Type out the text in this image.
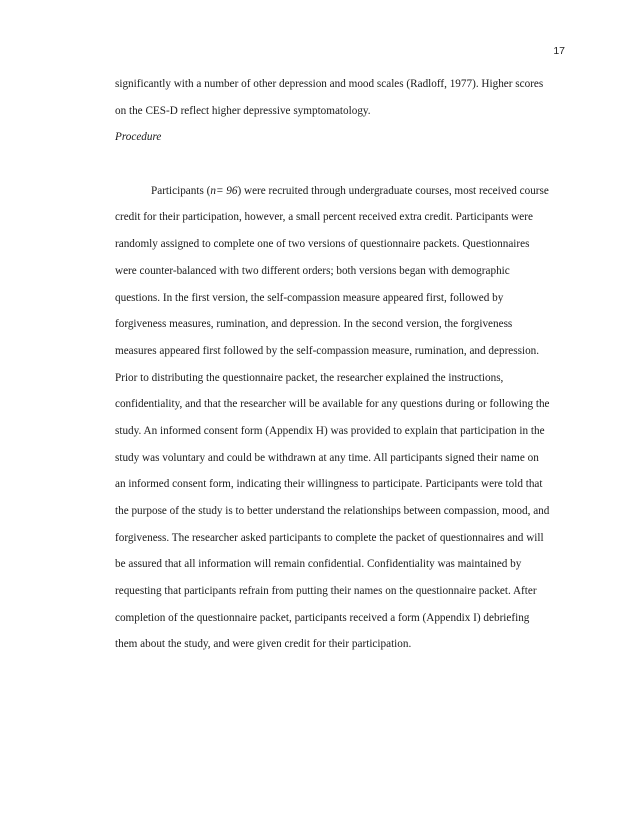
17
significantly with a number of other depression and mood scales (Radloff, 1977). Higher scores
on the CES-D reflect higher depressive symptomatology.
Procedure
Participants (n= 96) were recruited through undergraduate courses, most received course
credit for their participation, however, a small percent received extra credit. Participants were
randomly assigned to complete one of two versions of questionnaire packets. Questionnaires
were counter-balanced with two different orders; both versions began with demographic
questions. In the first version, the self-compassion measure appeared first, followed by
forgiveness measures, rumination, and depression. In the second version, the forgiveness
measures appeared first followed by the self-compassion measure, rumination, and depression.
Prior to distributing the questionnaire packet, the researcher explained the instructions,
confidentiality, and that the researcher will be available for any questions during or following the
study. An informed consent form (Appendix H) was provided to explain that participation in the
study was voluntary and could be withdrawn at any time. All participants signed their name on
an informed consent form, indicating their willingness to participate. Participants were told that
the purpose of the study is to better understand the relationships between compassion, mood, and
forgiveness. The researcher asked participants to complete the packet of questionnaires and will
be assured that all information will remain confidential. Confidentiality was maintained by
requesting that participants refrain from putting their names on the questionnaire packet. After
completion of the questionnaire packet, participants received a form (Appendix I) debriefing
them about the study, and were given credit for their participation.
